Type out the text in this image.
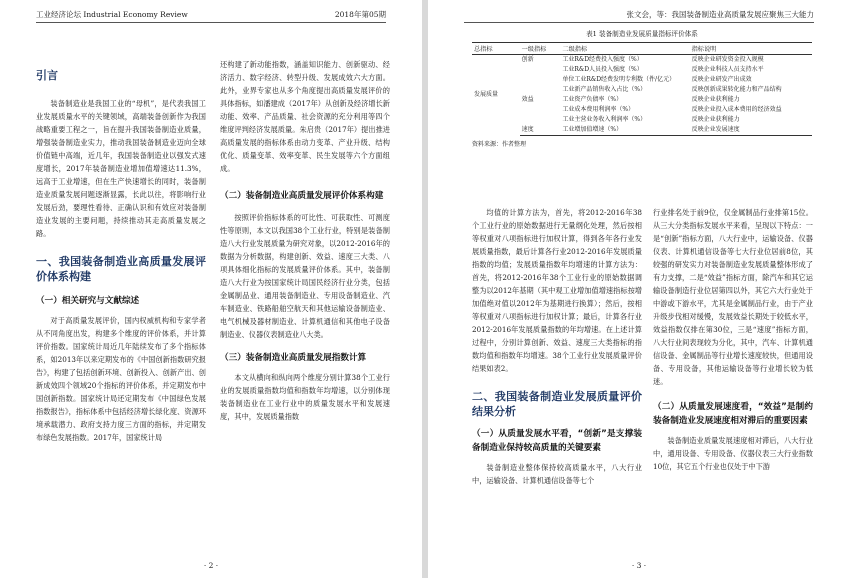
工业经济论坛 Industrial Economy Review	2018年第05期

引言

装备制造业是我国工业的“母机”，是代表我国工业发展质量水平的关键领域，高端装备创新作为我国战略重要工程之一，旨在提升我国装备制造业质量，增强装备制造业实力，推动我国装备制造业迈向全球价值链中高端，近几年，我国装备制造业以强发式速度增长，2017年装备制造业增加值增速达11.3%，远高于工业增速，但在生产快速增长的同时，装备制造业质量发展问题逐渐显露，长此以往，将影响行业发展后劲，要理性看待、正确认识和有效应对装备制造业发展的主要问题，持续推动其走高质量发展之路。

一、我国装备制造业高质量发展评价体系构建

（一）相关研究与文献综述

对于高质量发展评价，国内权威机构和专家学者从不同角度出发，构建多个维度的评价体系，并计算评价指数。国家统计局近几年陆续发布了多个指标体系，如2013年以来定期发布的《中国创新指数研究报告》，构建了包括创新环境、创新投入、创新产出、创新成效四个领域20个指标的评价体系，并定期发布中国创新指数。国家统计局还定期发布《中国绿色发展指数报告》，指标体系中包括经济增长绿化度、资源环境承载潜力、政府支持力度三方面的指标，并定期发布绿色发展指数。2017年，国家统计局

还构建了新动能指数，涵盖知识能力、创新驱动、经济活力、数字经济、转型升级、发展成效六大方面。此外，业界专家也从多个角度提出高质量发展评价的具体指标，如潘建成（2017年）从创新及经济增长新动能、效率、产品质量、社会资源的充分利用等四个维度评判经济发展质量。朱启贵（2017年）提出推进高质量发展的指标体系由动力变革、产业升级、结构优化、质量变革、效率变革、民生发展等六个方面组成。

（二）装备制造业高质量发展评价体系构建

按照评价指标体系的可比性、可获取性、可测度性等原则，本文以我国38个工业行业，特别是装备制造八大行业发展质量为研究对象，以2012-2016年的数据为分析数据，构建创新、效益、速度三大类、八项具体细化指标的发展质量评价体系。其中，装备制造八大行业为按国家统计局国民经济行业分类，包括金属制品业、通用装备制造业、专用设备制造业、汽车制造业、铁路船舶空航天和其他运输设备制造业、电气机械及器材制造业、计算机通信和其他电子设备制造业、仪器仪表制造业八大类。

（三）装备制造业高质量发展指数计算

本文从横向和纵向两个维度分别计算38个工业行业的发展质量指数均值和指数年均增速，以分别体现装备制造业在工业行业中的质量发展水平和发展速度，其中，发展质量指数

· 2 ·
张文会，等：我国装备制造业高质量发展应聚焦三大能力
表1 装备制造业发展质量指标评价体系
总指标	一级指标	二级指标	指标说明
发展质量	创新	工业R&D经费投入强度（%）	反映企业研发资金投入规模
		工业R&D人员投入强度（%）	反映企业科技人员支持水平
		单位工业R&D经费发明专利数（件/亿元）	反映企业研发产出成效
		工业新产品销售收入占比（%）	反映创新成果转化能力和产品结构
	效益	工业资产负债率（%）	反映企业获利能力
		工业成本费用利润率（%）	反映企业投入成本费用的经济效益
		工业主营业务收入利润率（%）	反映企业获利能力
	速度	工业增加值增速（%）	反映企业发展速度
资料来源：作者整理

均值的计算方法为，首先，将2012-2016年38个工业行业的原始数据进行无量纲化处理，然后按相等权重对八项指标进行加权计算，得到各年各行业发展质量指数，最后计算各行业2012-2016年发展质量指数的均值；发展质量指数年均增速的计算方法为：首先，将2012-2016年38个工业行业的原始数据调整为以2012年基期（其中观工业增加值增速指标按增加值绝对值以2012年为基期进行换算）；然后，按相等权重对八项指标进行加权计算；最后，计算各行业2012-2016年发展质量指数的年均增速。在上述计算过程中，分别计算创新、效益、速度三大类指标的指数均值和指数年均增速。38个工业行业发展质量评价结果如表2。

二、我国装备制造业发展质量评价结果分析

（一）从质量发展水平看，“创新”是支撑装备制造业保持较高质量的关键要素

装备制造业整体保持较高质量水平，八大行业中，运输设备、计算机通信设备等七个

行业排名处于前9位，仅金属制品行业排第15位。从三大分类指标发展水平来看，呈现以下特点：一是“创新”指标方面，八大行业中，运输设备、仪器仪表、计算机通信设备等七大行业位居前8位，其较强的研发实力对装备制造业发展质量整体形成了有力支撑，二是“效益”指标方面，除汽车和其它运输设备制造行业位居第四以外，其它六大行业处于中游或下游水平，尤其是金属制品行业，由于产业升级步伐相对缓慢，发展效益长期处于较低水平，效益指数仅排在第30位，三是“速度”指标方面，八大行业间表现较为分化，其中，汽车、计算机通信设备、金属制品等行业增长速度较快，但通用设备、专用设备，其他运输设备等行业增长较为低迷。

（二）从质量发展速度看，“效益”是制约装备制造业发展速度相对滞后的重要因素

装备制造业质量发展速度相对滞后，八大行业中，通用设备、专用设备、仪器仪表三大行业指数10位，其它五个行业也仅处于中下游

· 3 ·
